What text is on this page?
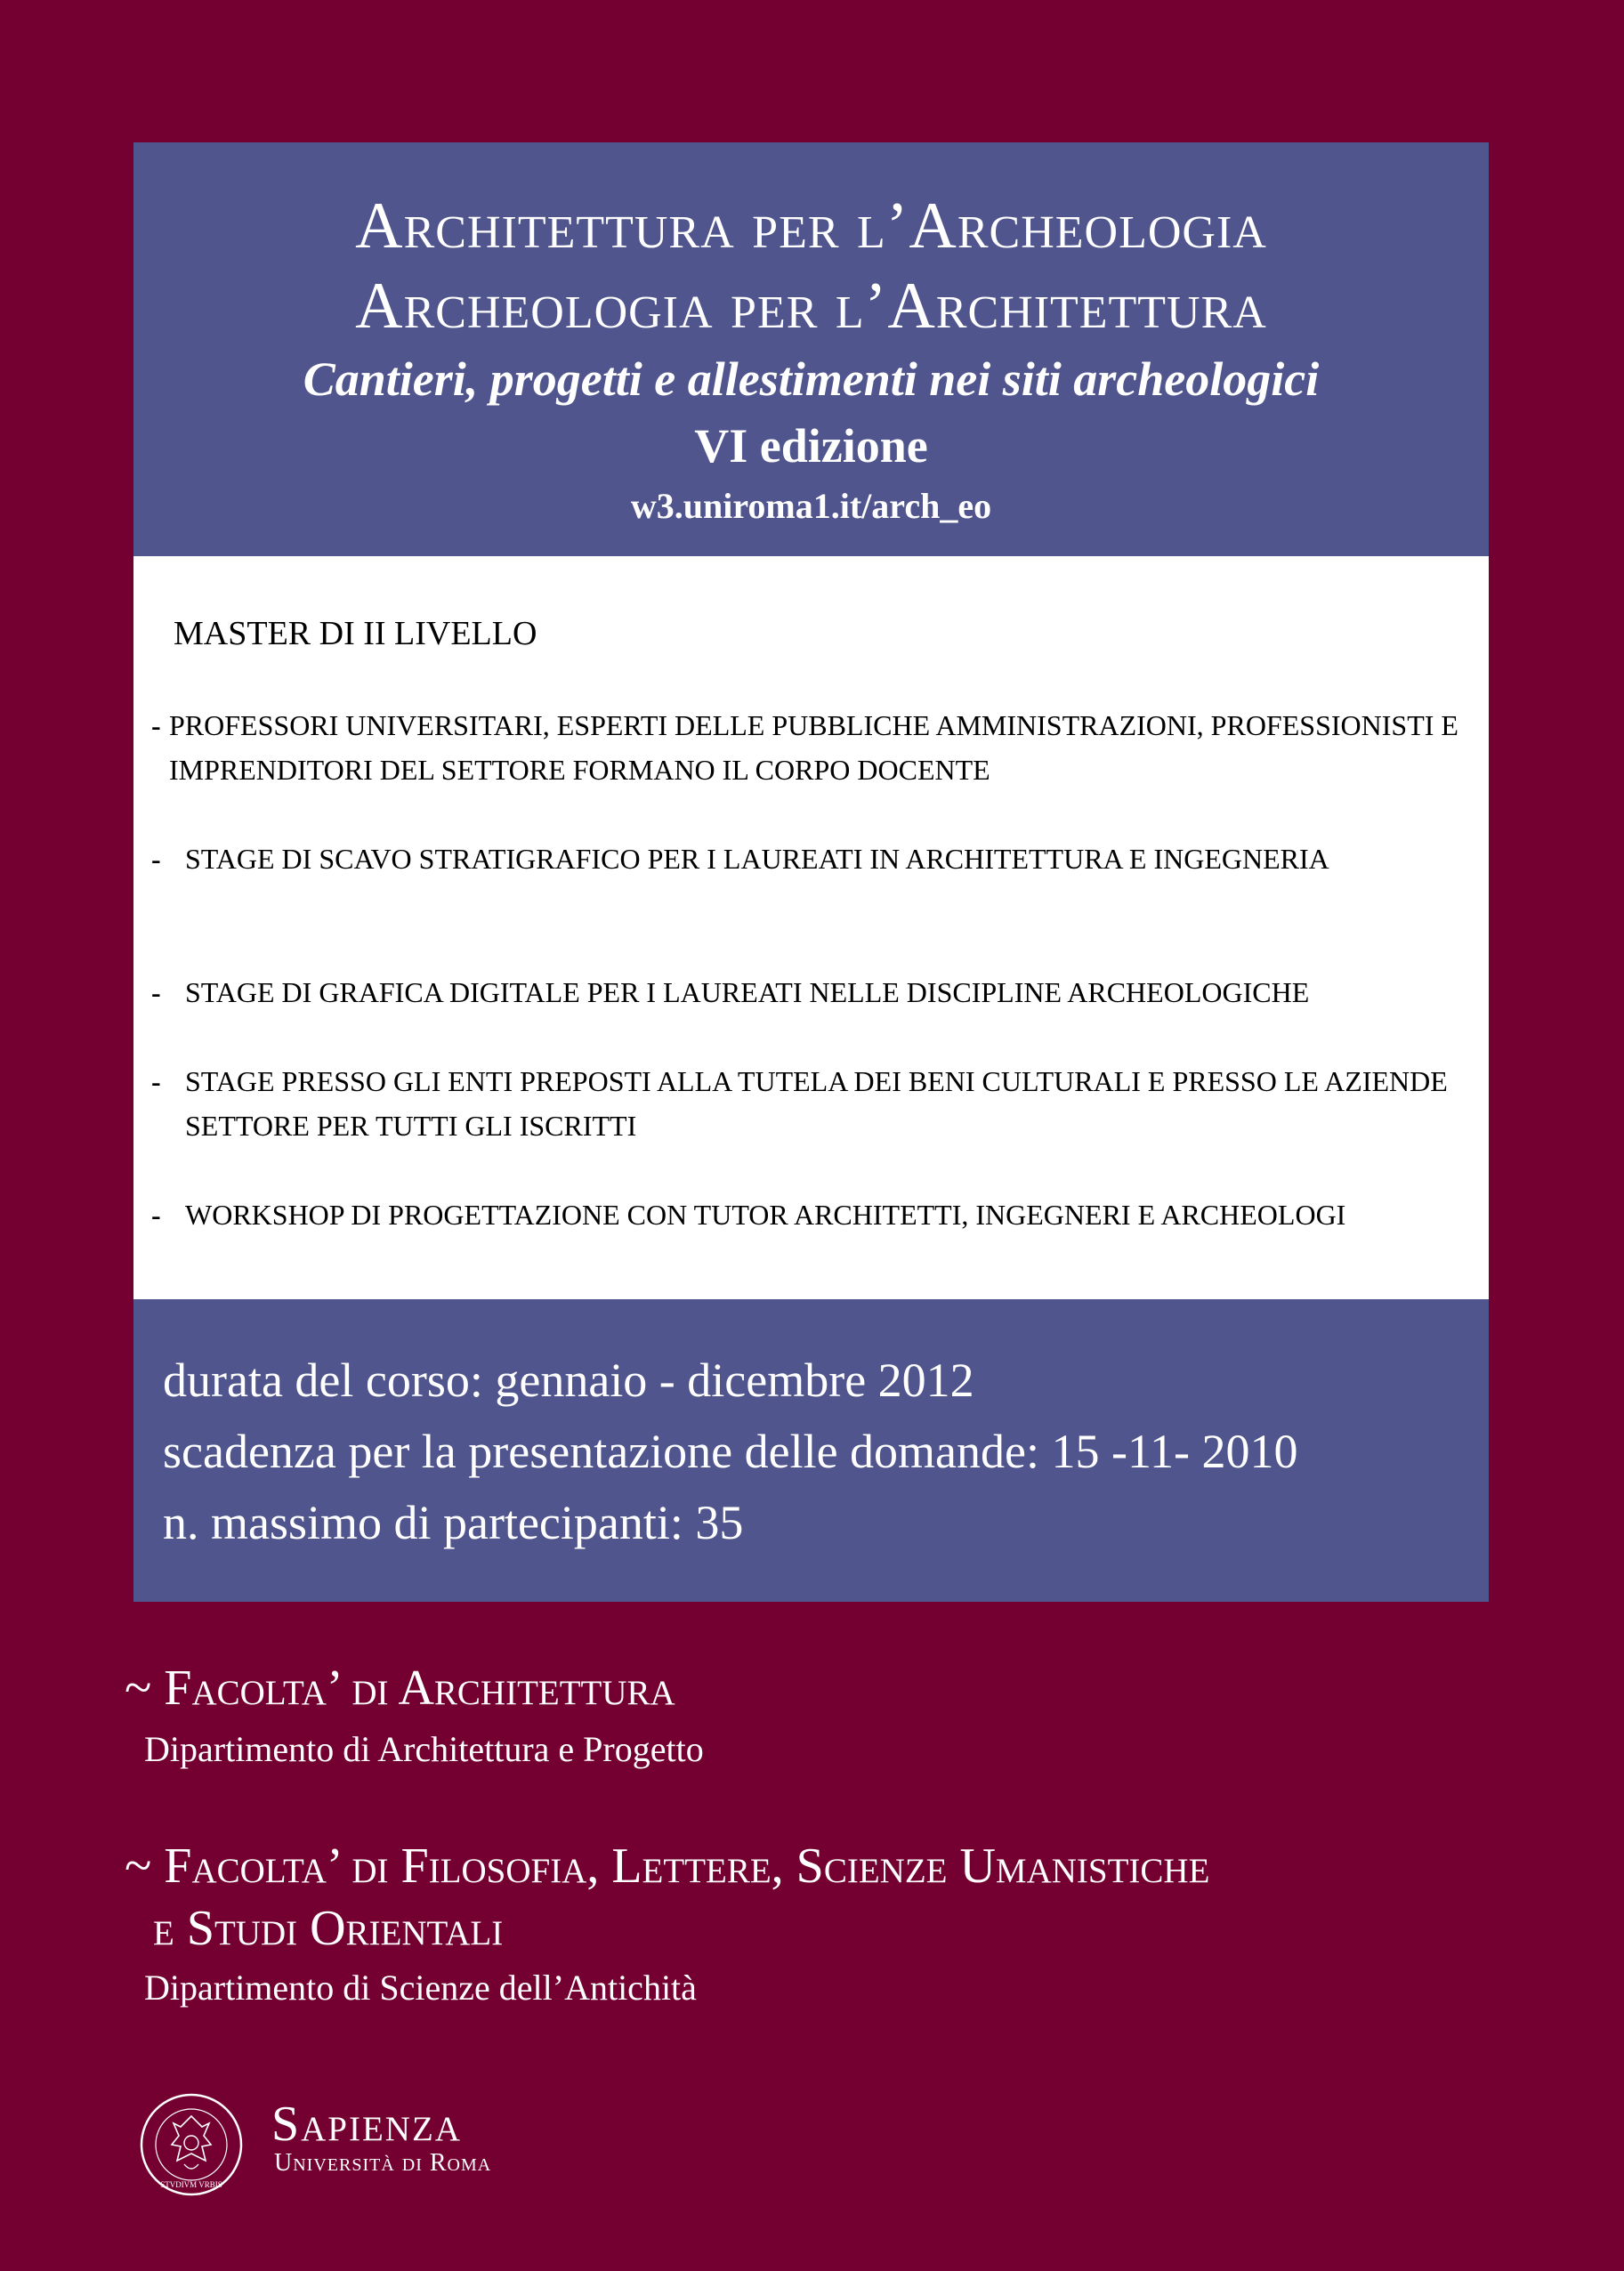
Architettura per l’Archeologia
Archeologia per l’Architettura
Cantieri, progetti e allestimenti nei siti archeologici
VI edizione
w3.uniroma1.it/arch_eo
MASTER DI II LIVELLO
- PROFESSORI UNIVERSITARI, ESPERTI DELLE PUBBLICHE AMMINISTRAZIONI, PROFESSIONISTI E IMPRENDITORI DEL SETTORE FORMANO IL CORPO DOCENTE
- STAGE DI SCAVO STRATIGRAFICO PER I LAUREATI IN ARCHITETTURA E INGEGNERIA
- STAGE DI GRAFICA DIGITALE PER I LAUREATI NELLE DISCIPLINE ARCHEOLOGICHE
- STAGE PRESSO GLI ENTI PREPOSTI ALLA TUTELA DEI BENI CULTURALI E PRESSO LE AZIENDE SETTORE PER TUTTI GLI ISCRITTI
- WORKSHOP DI PROGETTAZIONE CON TUTOR ARCHITETTI, INGEGNERI E ARCHEOLOGI
durata del corso: gennaio - dicembre 2012
scadenza per la presentazione delle domande: 15 -11- 2010
n. massimo di partecipanti: 35
~ Facolta’ di Architettura
Dipartimento di Architettura e Progetto
~ Facolta’ di Filosofia, Lettere, Scienze Umanistiche
e Studi Orientali
Dipartimento di Scienze dell’Antichità
STVDIVM VRBIS
Sapienza
Università di Roma
